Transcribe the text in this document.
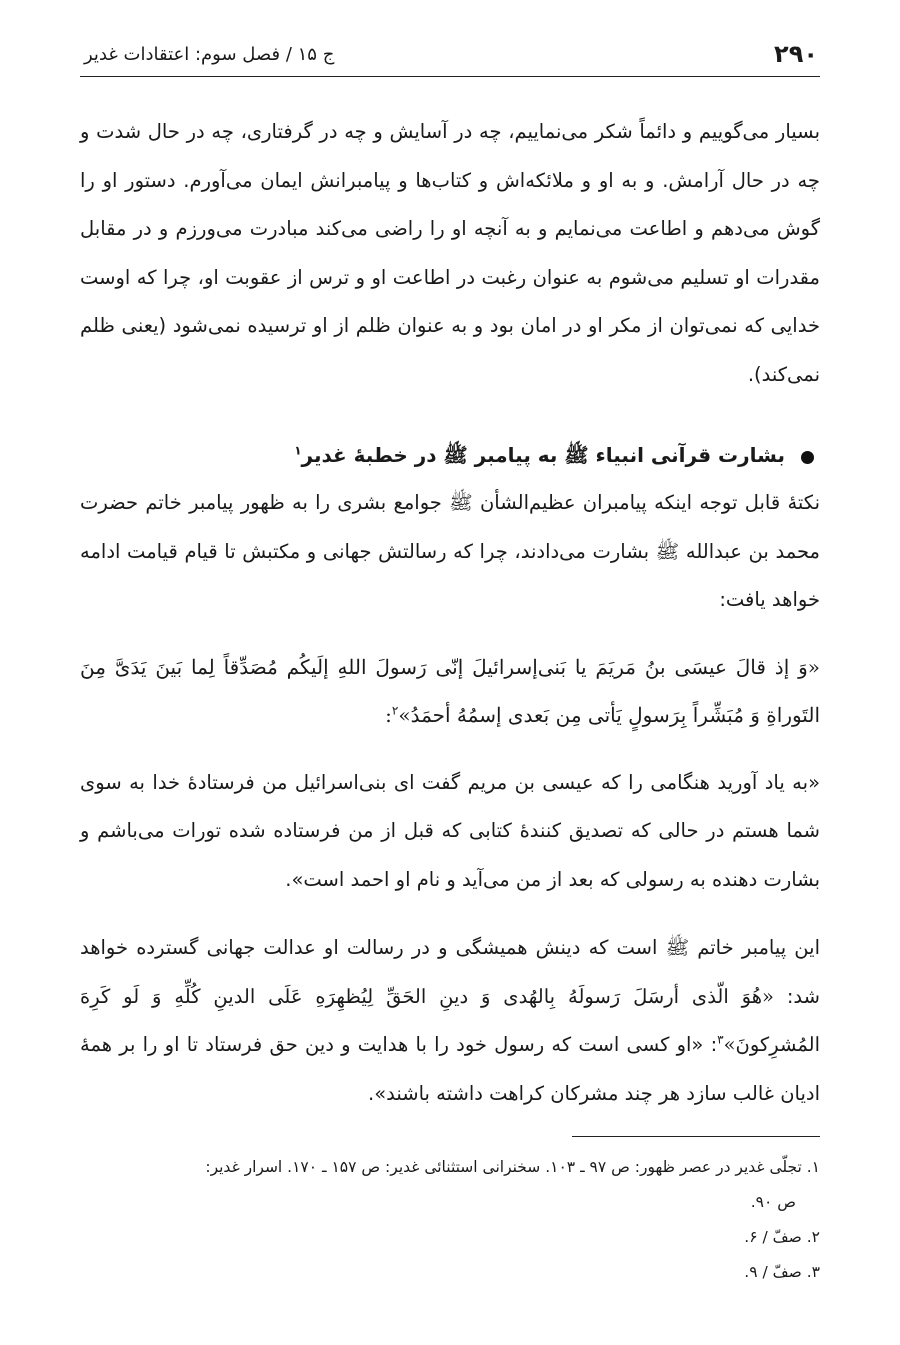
۲۹۰
ج ۱۵ / فصل سوم: اعتقادات غدیر

بسیار می‌گوییم و دائماً شکر می‌نماییم، چه در آسایش و چه در گرفتاری، چه در حال شدت و چه در حال آرامش. و به او و ملائکه‌اش و کتاب‌ها و پیامبرانش ایمان می‌آورم. دستور او را گوش می‌دهم و اطاعت می‌نمایم و به آنچه او را راضی می‌کند مبادرت می‌ورزم و در مقابل مقدرات او تسلیم می‌شوم به عنوان رغبت در اطاعت او و ترس از عقوبت او، چرا که اوست خدایی که نمی‌توان از مکر او در امان بود و به عنوان ظلم از او ترسیده نمی‌شود (یعنی ظلم نمی‌کند).

بشارت قرآنی انبیاء ﷺ به پیامبر ﷺ در خطبهٔ غدیر$^۱$

نکتهٔ قابل توجه اینکه پیامبران عظیم‌الشأن ﷺ جوامع بشری را به ظهور پیامبر خاتم حضرت محمد بن عبدالله ﷺ بشارت می‌دادند، چرا که رسالتش جهانی و مکتبش تا قیام قیامت ادامه خواهد یافت:

«وَ إذ قالَ عیسَی بنُ مَریَمَ یا بَنی‌إسرائیلَ إنّی رَسولَ اللهِ إلَیکُم مُصَدِّقاً لِما بَینَ یَدَیَّ مِنَ التَوراةِ وَ مُبَشِّراً بِرَسولٍ یَأتی مِن بَعدی إسمُهُ أحمَدُ»$^۲$:

«به یاد آورید هنگامی را که عیسی بن مریم گفت ای بنی‌اسرائیل من فرستادهٔ خدا به سوی شما هستم در حالی که تصدیق کنندهٔ کتابی که قبل از من فرستاده شده تورات می‌باشم و بشارت دهنده به رسولی که بعد از من می‌آید و نام او احمد است».

این پیامبر خاتم ﷺ است که دینش همیشگی و در رسالت او عدالت جهانی گسترده خواهد شد: «هُوَ الّذی أرسَلَ رَسولَهُ بِالهُدی وَ دینِ الحَقِّ لِیُظهِرَهِ عَلَی الدینِ کُلِّهِ وَ لَو کَرِهَ المُشرِکونَ»$^۳$: «او کسی است که رسول خود را با هدایت و دین حق فرستاد تا او را بر همهٔ ادیان غالب سازد هر چند مشرکان کراهت داشته باشند».

۱. تجلّی غدیر در عصر ظهور: ص ۹۷ ـ ۱۰۳. سخنرانی استثنائی غدیر: ص ۱۵۷ ـ ۱۷۰. اسرار غدیر:

ص ۹۰.

۲. صفّ / ۶.

۳. صفّ / ۹.
